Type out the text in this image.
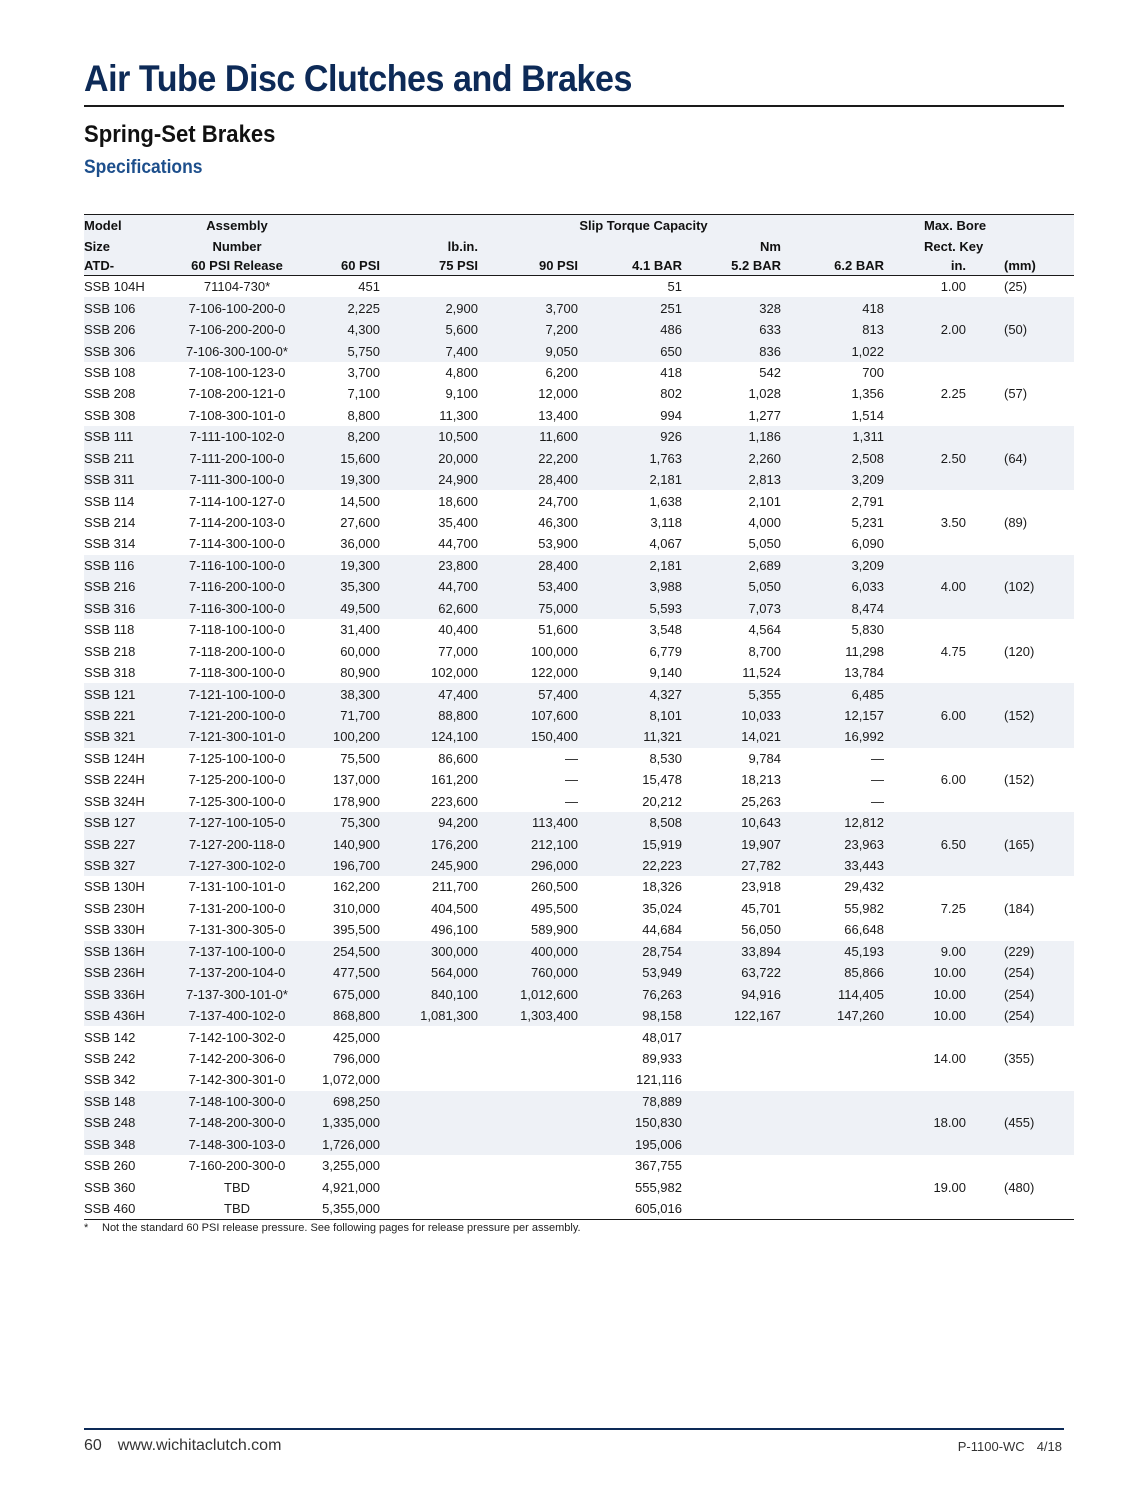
Air Tube Disc Clutches and Brakes
Spring-Set Brakes
Specifications
Model	Assembly			Slip Torque Capacity				Max. Bore	
Size	Number		lb.in.			Nm		Rect. Key	
ATD-	60 PSI Release	60 PSI	75 PSI	90 PSI	4.1 BAR	5.2 BAR	6.2 BAR	in.	(mm)
SSB 104H	71104-730*	451			51			1.00	(25)
SSB 106	7-106-100-200-0	2,225	2,900	3,700	251	328	418		
SSB 206	7-106-200-200-0	4,300	5,600	7,200	486	633	813	2.00	(50)
SSB 306	7-106-300-100-0*	5,750	7,400	9,050	650	836	1,022		
SSB 108	7-108-100-123-0	3,700	4,800	6,200	418	542	700		
SSB 208	7-108-200-121-0	7,100	9,100	12,000	802	1,028	1,356	2.25	(57)
SSB 308	7-108-300-101-0	8,800	11,300	13,400	994	1,277	1,514		
SSB 111	7-111-100-102-0	8,200	10,500	11,600	926	1,186	1,311		
SSB 211	7-111-200-100-0	15,600	20,000	22,200	1,763	2,260	2,508	2.50	(64)
SSB 311	7-111-300-100-0	19,300	24,900	28,400	2,181	2,813	3,209		
SSB 114	7-114-100-127-0	14,500	18,600	24,700	1,638	2,101	2,791		
SSB 214	7-114-200-103-0	27,600	35,400	46,300	3,118	4,000	5,231	3.50	(89)
SSB 314	7-114-300-100-0	36,000	44,700	53,900	4,067	5,050	6,090		
SSB 116	7-116-100-100-0	19,300	23,800	28,400	2,181	2,689	3,209		
SSB 216	7-116-200-100-0	35,300	44,700	53,400	3,988	5,050	6,033	4.00	(102)
SSB 316	7-116-300-100-0	49,500	62,600	75,000	5,593	7,073	8,474		
SSB 118	7-118-100-100-0	31,400	40,400	51,600	3,548	4,564	5,830		
SSB 218	7-118-200-100-0	60,000	77,000	100,000	6,779	8,700	11,298	4.75	(120)
SSB 318	7-118-300-100-0	80,900	102,000	122,000	9,140	11,524	13,784		
SSB 121	7-121-100-100-0	38,300	47,400	57,400	4,327	5,355	6,485		
SSB 221	7-121-200-100-0	71,700	88,800	107,600	8,101	10,033	12,157	6.00	(152)
SSB 321	7-121-300-101-0	100,200	124,100	150,400	11,321	14,021	16,992		
SSB 124H	7-125-100-100-0	75,500	86,600	—	8,530	9,784	—		
SSB 224H	7-125-200-100-0	137,000	161,200	—	15,478	18,213	—	6.00	(152)
SSB 324H	7-125-300-100-0	178,900	223,600	—	20,212	25,263	—		
SSB 127	7-127-100-105-0	75,300	94,200	113,400	8,508	10,643	12,812		
SSB 227	7-127-200-118-0	140,900	176,200	212,100	15,919	19,907	23,963	6.50	(165)
SSB 327	7-127-300-102-0	196,700	245,900	296,000	22,223	27,782	33,443		
SSB 130H	7-131-100-101-0	162,200	211,700	260,500	18,326	23,918	29,432		
SSB 230H	7-131-200-100-0	310,000	404,500	495,500	35,024	45,701	55,982	7.25	(184)
SSB 330H	7-131-300-305-0	395,500	496,100	589,900	44,684	56,050	66,648		
SSB 136H	7-137-100-100-0	254,500	300,000	400,000	28,754	33,894	45,193	9.00	(229)
SSB 236H	7-137-200-104-0	477,500	564,000	760,000	53,949	63,722	85,866	10.00	(254)
SSB 336H	7-137-300-101-0*	675,000	840,100	1,012,600	76,263	94,916	114,405	10.00	(254)
SSB 436H	7-137-400-102-0	868,800	1,081,300	1,303,400	98,158	122,167	147,260	10.00	(254)
SSB 142	7-142-100-302-0	425,000			48,017				
SSB 242	7-142-200-306-0	796,000			89,933			14.00	(355)
SSB 342	7-142-300-301-0	1,072,000			121,116				
SSB 148	7-148-100-300-0	698,250			78,889				
SSB 248	7-148-200-300-0	1,335,000			150,830			18.00	(455)
SSB 348	7-148-300-103-0	1,726,000			195,006				
SSB 260	7-160-200-300-0	3,255,000			367,755				
SSB 360	TBD	4,921,000			555,982			19.00	(480)
SSB 460	TBD	5,355,000			605,016				
* Not the standard 60 PSI release pressure. See following pages for release pressure per assembly.
60 www.wichitaclutch.com	P-1100-WC 4/18
